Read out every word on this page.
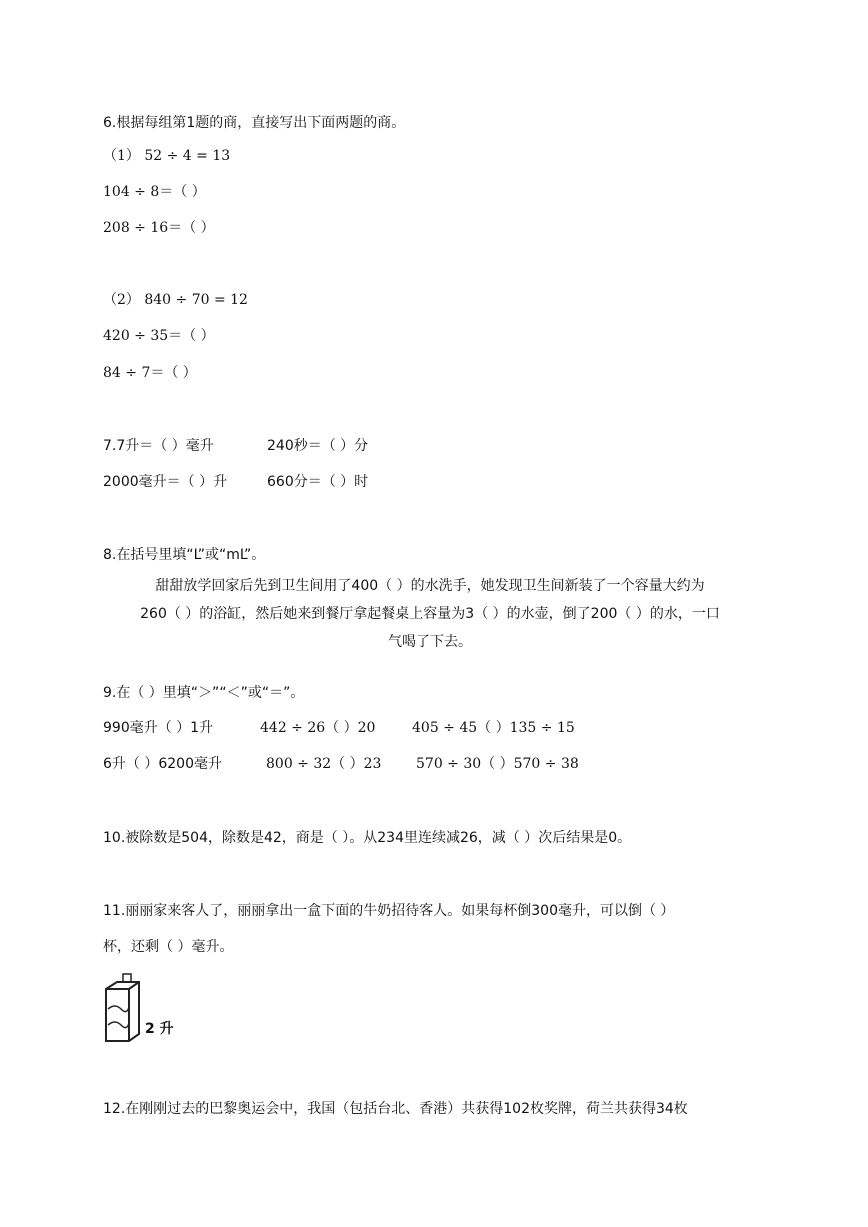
6.根据每组第1题的商，直接写出下面两题的商。
（1） 52 ÷ 4 = 13
104 ÷ 8＝（ ）
208 ÷ 16＝（ ）
（2） 840 ÷ 70 = 12
420 ÷ 35＝（ ）
84 ÷ 7＝（ ）
7.7升＝（ ）毫升	240秒＝（ ）分
2000毫升＝（ ）升	660分＝（ ）时
8.在括号里填“L”或“mL”。
甜甜放学回家后先到卫生间用了400（ ）的水洗手，她发现卫生间新装了一个容量大约为
260（ ）的浴缸，然后她来到餐厅拿起餐桌上容量为3（ ）的水壶，倒了200（ ）的水，一口
气喝了下去。
9.在（ ）里填“＞”“＜”或“＝”。
990毫升（ ）1升	442 ÷ 26（ ）20	405 ÷ 45（ ）135 ÷ 15
6升（ ）6200毫升	800 ÷ 32（ ）23 570 ÷ 30（ ）570 ÷ 38
10.被除数是504，除数是42，商是（ ）。从234里连续减26，减（ ）次后结果是0。
11.丽丽家来客人了，丽丽拿出一盒下面的牛奶招待客人。如果每杯倒300毫升，可以倒（ ）
杯，还剩（ ）毫升。
2 升
12.在刚刚过去的巴黎奥运会中，我国（包括台北、香港）共获得102枚奖牌，荷兰共获得34枚
